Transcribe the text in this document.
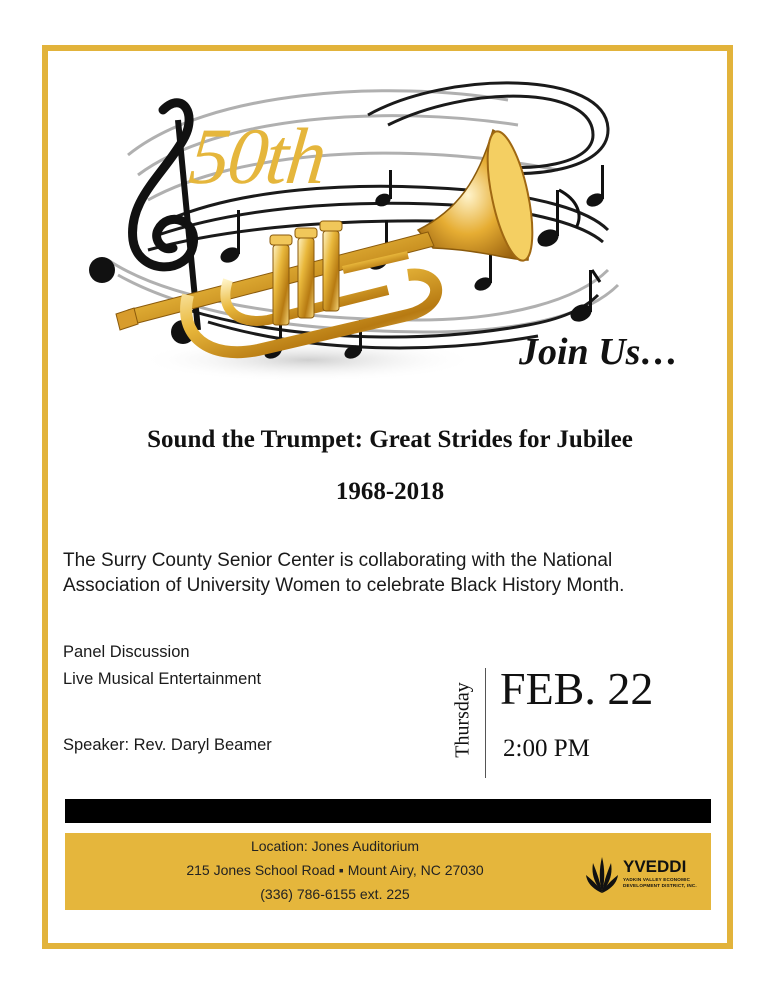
50th
Join Us…
Sound the Trumpet: Great Strides for Jubilee
1968-2018
The Surry County Senior Center is collaborating with the National
Association of University Women to celebrate Black History Month.
Panel Discussion
Live Musical Entertainment
Speaker: Rev. Daryl Beamer	Thursday FEB. 22
2:00 PM
Location: Jones Auditorium
215 Jones School Road ▪ Mount Airy, NC 27030
(336) 786-6155 ext. 225
YVEDDI
YADKIN VALLEY ECONOMIC DEVELOPMENT DISTRICT, INC.
